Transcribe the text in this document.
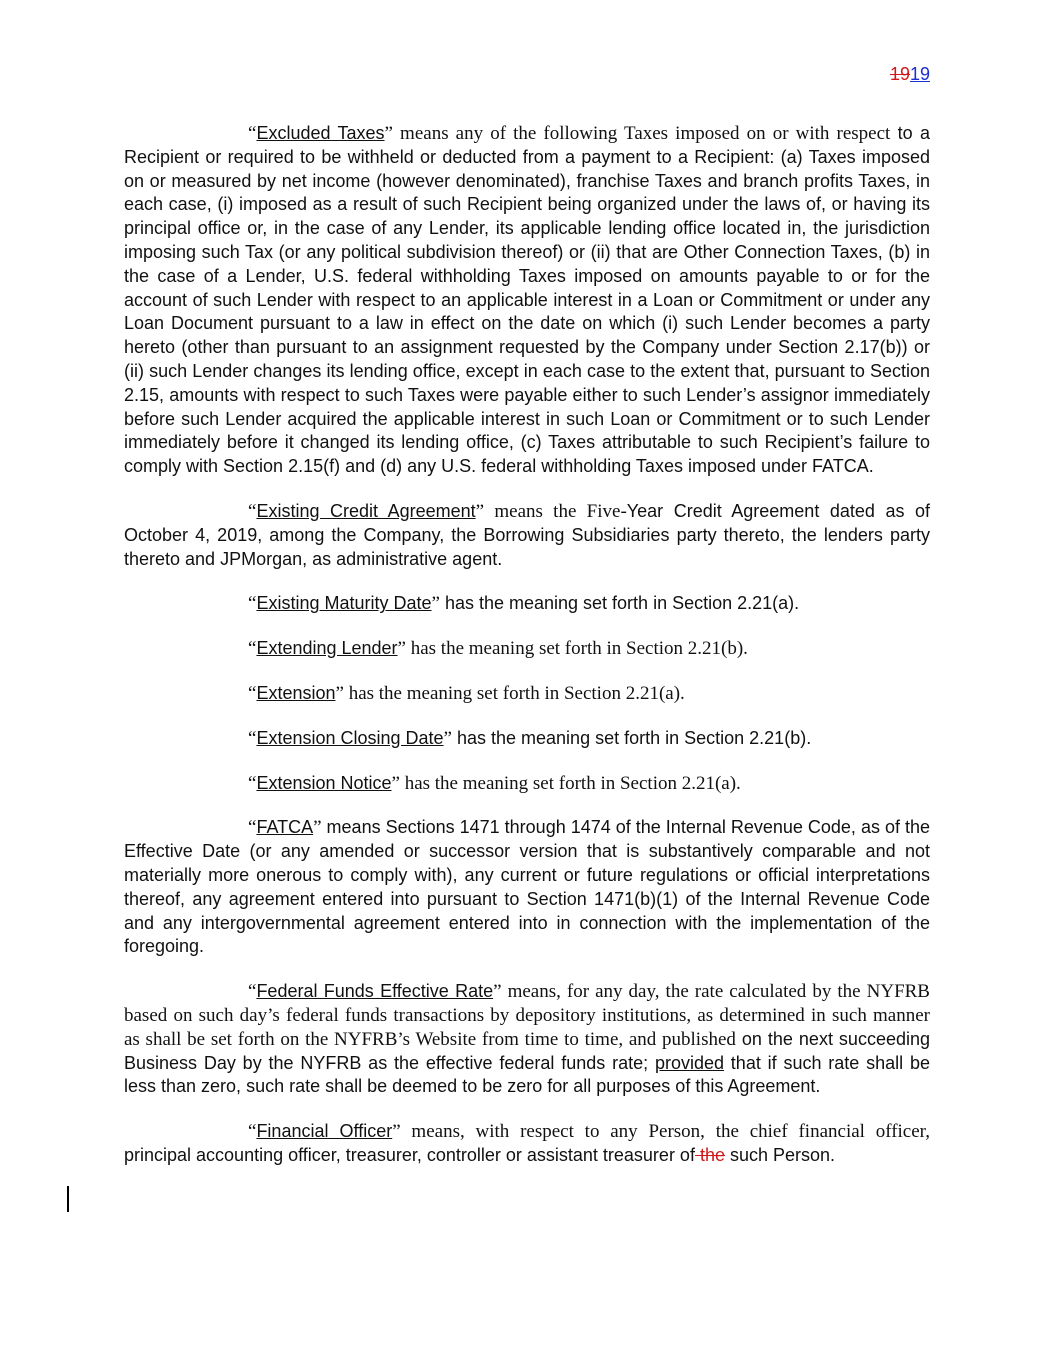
1919

“Excluded Taxes” means any of the following Taxes imposed on or with respect to a Recipient or required to be withheld or deducted from a payment to a Recipient: (a) Taxes imposed on or measured by net income (however denominated), franchise Taxes and branch profits Taxes, in each case, (i) imposed as a result of such Recipient being organized under the laws of, or having its principal office or, in the case of any Lender, its applicable lending office located in, the jurisdiction imposing such Tax (or any political subdivision thereof) or (ii) that are Other Connection Taxes, (b) in the case of a Lender, U.S. federal withholding Taxes imposed on amounts payable to or for the account of such Lender with respect to an applicable interest in a Loan or Commitment or under any Loan Document pursuant to a law in effect on the date on which (i) such Lender becomes a party hereto (other than pursuant to an assignment requested by the Company under Section 2.17(b)) or (ii) such Lender changes its lending office, except in each case to the extent that, pursuant to Section 2.15, amounts with respect to such Taxes were payable either to such Lender’s assignor immediately before such Lender acquired the applicable interest in such Loan or Commitment or to such Lender immediately before it changed its lending office, (c) Taxes attributable to such Recipient’s failure to comply with Section 2.15(f) and (d) any U.S. federal withholding Taxes imposed under FATCA.

“Existing Credit Agreement” means the Five-Year Credit Agreement dated as of October 4, 2019, among the Company, the Borrowing Subsidiaries party thereto, the lenders party thereto and JPMorgan, as administrative agent.

“Existing Maturity Date” has the meaning set forth in Section 2.21(a).

“Extending Lender” has the meaning set forth in Section 2.21(b).

“Extension” has the meaning set forth in Section 2.21(a).

“Extension Closing Date” has the meaning set forth in Section 2.21(b).

“Extension Notice” has the meaning set forth in Section 2.21(a).

“FATCA” means Sections 1471 through 1474 of the Internal Revenue Code, as of the Effective Date (or any amended or successor version that is substantively comparable and not materially more onerous to comply with), any current or future regulations or official interpretations thereof, any agreement entered into pursuant to Section 1471(b)(1) of the Internal Revenue Code and any intergovernmental agreement entered into in connection with the implementation of the foregoing.

“Federal Funds Effective Rate” means, for any day, the rate calculated by the NYFRB based on such day’s federal funds transactions by depository institutions, as determined in such manner as shall be set forth on the NYFRB’s Website from time to time, and published on the next succeeding Business Day by the NYFRB as the effective federal funds rate; provided that if such rate shall be less than zero, such rate shall be deemed to be zero for all purposes of this Agreement.

“Financial Officer” means, with respect to any Person, the chief financial officer, principal accounting officer, treasurer, controller or assistant treasurer of the such Person.
